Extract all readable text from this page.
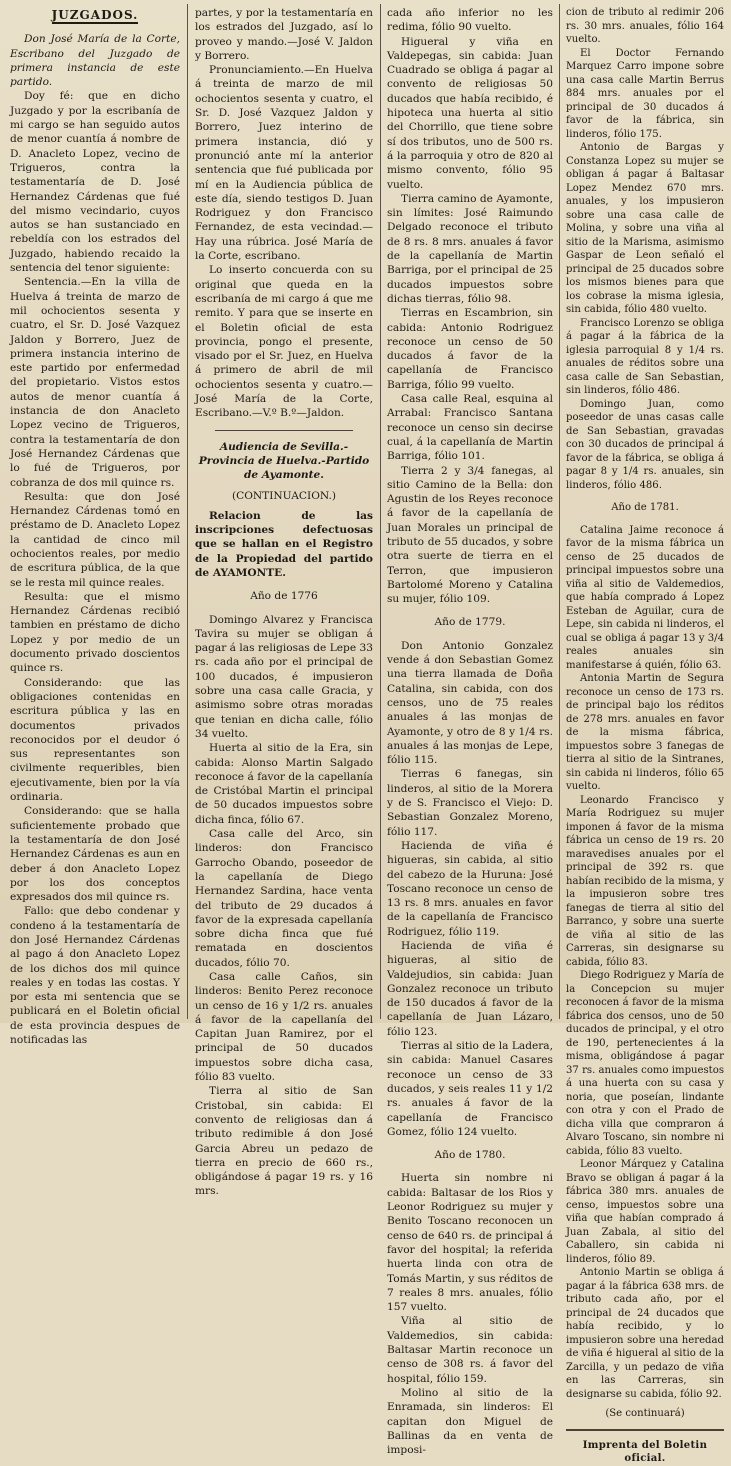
JUZGADOS.

Don José María de la Corte, Escribano del Juzgado de primera instancia de este partido.

Doy fé: que en dicho Juzgado y por la escribanía de mi cargo se han seguido autos de menor cuantía á nombre de D. Anacleto Lopez, vecino de Trigueros, contra la testamentaría de D. José Hernandez Cárdenas que fué del mismo vecindario, cuyos autos se han sustanciado en rebeldía con los estrados del Juzgado, habiendo recaido la sentencia del tenor siguiente:

Sentencia.—En la villa de Huelva á treinta de marzo de mil ochocientos sesenta y cuatro, el Sr. D. José Vazquez Jaldon y Borrero, Juez de primera instancia interino de este partido por enfermedad del propietario. Vistos estos autos de menor cuantía á instancia de don Anacleto Lopez vecino de Trigueros, contra la testamentaría de don José Hernandez Cárdenas que lo fué de Trigueros, por cobranza de dos mil quince rs.

Resulta: que don José Hernandez Cárdenas tomó en préstamo de D. Anacleto Lopez la cantidad de cinco mil ochocientos reales, por medio de escritura pública, de la que se le resta mil quince reales.

Resulta: que el mismo Hernandez Cárdenas recibió tambien en préstamo de dicho Lopez y por medio de un documento privado doscientos quince rs.

Considerando: que las obligaciones contenidas en escritura pública y las en documentos privados reconocidos por el deudor ó sus representantes son civilmente requeribles, bien ejecutivamente, bien por la vía ordinaria.

Considerando: que se halla suficientemente probado que la testamentaría de don José Hernandez Cárdenas es aun en deber á don Anacleto Lopez por los dos conceptos expresados dos mil quince rs.

Fallo: que debo condenar y condeno á la testamentaría de don José Hernandez Cárdenas al pago á don Anacleto Lopez de los dichos dos mil quince reales y en todas las costas. Y por esta mi sentencia que se publicará en el Boletin oficial de esta provincia despues de notificadas las

partes, y por la testamentaría en los estrados del Juzgado, así lo proveo y mando.—José V. Jaldon y Borrero.

Pronunciamiento.—En Huelva á treinta de marzo de mil ochocientos sesenta y cuatro, el Sr. D. José Vazquez Jaldon y Borrero, Juez interino de primera instancia, dió y pronunció ante mí la anterior sentencia que fué publicada por mí en la Audiencia pública de este día, siendo testigos D. Juan Rodriguez y don Francisco Fernandez, de esta vecindad.—Hay una rúbrica. José María de la Corte, escribano.

Lo inserto concuerda con su original que queda en la escribanía de mi cargo á que me remito. Y para que se inserte en el Boletin oficial de esta provincia, pongo el presente, visado por el Sr. Juez, en Huelva á primero de abril de mil ochocientos sesenta y cuatro.—José María de la Corte, Escribano.—V.º B.º—Jaldon.

Audiencia de Sevilla.-Provincia de Huelva.-Partido de Ayamonte.

(CONTINUACION.)

Relacion de las inscripciones defectuosas que se hallan en el Registro de la Propiedad del partido de AYAMONTE.

Año de 1776

Domingo Alvarez y Francisca Tavira su mujer se obligan á pagar á las religiosas de Lepe 33 rs. cada año por el principal de 100 ducados, é impusieron sobre una casa calle Gracia, y asimismo sobre otras moradas que tenian en dicha calle, fólio 34 vuelto.

Huerta al sitio de la Era, sin cabida: Alonso Martin Salgado reconoce á favor de la capellanía de Cristóbal Martin el principal de 50 ducados impuestos sobre dicha finca, fólio 67.

Casa calle del Arco, sin linderos: don Francisco Garrocho Obando, poseedor de la capellanía de Diego Hernandez Sardina, hace venta del tributo de 29 ducados á favor de la expresada capellanía sobre dicha finca que fué rematada en doscientos ducados, fólio 70.

Casa calle Caños, sin linderos: Benito Perez reconoce un censo de 16 y 1/2 rs. anuales á favor de la capellanía del Capitan Juan Ramirez, por el principal de 50 ducados impuestos sobre dicha casa, fólio 83 vuelto.

Tierra al sitio de San Cristobal, sin cabida: El convento de religiosas dan á tributo redimible á don José Garcia Abreu un pedazo de tierra en precio de 660 rs., obligándose á pagar 19 rs. y 16 mrs.

cada año inferior no les redima, fólio 90 vuelto.

Higueral y viña en Valdepegas, sin cabida: Juan Cuadrado se obliga á pagar al convento de religiosas 50 ducados que había recibido, é hipoteca una huerta al sitio del Chorrillo, que tiene sobre sí dos tributos, uno de 500 rs. á la parroquia y otro de 820 al mismo convento, fólio 95 vuelto.

Tierra camino de Ayamonte, sin límites: José Raimundo Delgado reconoce el tributo de 8 rs. 8 mrs. anuales á favor de la capellanía de Martin Barriga, por el principal de 25 ducados impuestos sobre dichas tierras, fólio 98.

Tierras en Escambrion, sin cabida: Antonio Rodriguez reconoce un censo de 50 ducados á favor de la capellanía de Francisco Barriga, fólio 99 vuelto.

Casa calle Real, esquina al Arrabal: Francisco Santana reconoce un censo sin decirse cual, á la capellanía de Martin Barriga, fólio 101.

Tierra 2 y 3/4 fanegas, al sitio Camino de la Bella: don Agustin de los Reyes reconoce á favor de la capellanía de Juan Morales un principal de tributo de 55 ducados, y sobre otra suerte de tierra en el Terron, que impusieron Bartolomé Moreno y Catalina su mujer, fólio 109.

Año de 1779.

Don Antonio Gonzalez vende á don Sebastian Gomez una tierra llamada de Doña Catalina, sin cabida, con dos censos, uno de 75 reales anuales á las monjas de Ayamonte, y otro de 8 y 1/4 rs. anuales á las monjas de Lepe, fólio 115.

Tierras 6 fanegas, sin linderos, al sitio de la Morera y de S. Francisco el Viejo: D. Sebastian Gonzalez Moreno, fólio 117.

Hacienda de viña é higueras, sin cabida, al sitio del cabezo de la Huruna: José Toscano reconoce un censo de 13 rs. 8 mrs. anuales en favor de la capellanía de Francisco Rodriguez, fólio 119.

Hacienda de viña é higueras, al sitio de Valdejudios, sin cabida: Juan Gonzalez reconoce un tributo de 150 ducados á favor de la capellanía de Juan Lázaro, fólio 123.

Tierras al sitio de la Ladera, sin cabida: Manuel Casares reconoce un censo de 33 ducados, y seis reales 11 y 1/2 rs. anuales á favor de la capellanía de Francisco Gomez, fólio 124 vuelto.

Año de 1780.

Huerta sin nombre ni cabida: Baltasar de los Rios y Leonor Rodriguez su mujer y Benito Toscano reconocen un censo de 640 rs. de principal á favor del hospital; la referida huerta linda con otra de Tomás Martin, y sus réditos de 7 reales 8 mrs. anuales, fólio 157 vuelto.

Viña al sitio de Valdemedios, sin cabida: Baltasar Martin reconoce un censo de 308 rs. á favor del hospital, fólio 159.

Molino al sitio de la Enramada, sin linderos: El capitan don Miguel de Ballinas da en venta de imposi-

cion de tributo al redimir 206 rs. 30 mrs. anuales, fólio 164 vuelto.

El Doctor Fernando Marquez Carro impone sobre una casa calle Martin Berrus 884 mrs. anuales por el principal de 30 ducados á favor de la fábrica, sin linderos, fólio 175.

Antonio de Bargas y Constanza Lopez su mujer se obligan á pagar á Baltasar Lopez Mendez 670 mrs. anuales, y los impusieron sobre una casa calle de Molina, y sobre una viña al sitio de la Marisma, asimismo Gaspar de Leon señaló el principal de 25 ducados sobre los mismos bienes para que los cobrase la misma iglesia, sin cabida, fólio 480 vuelto.

Francisco Lorenzo se obliga á pagar á la fábrica de la iglesia parroquial 8 y 1/4 rs. anuales de réditos sobre una casa calle de San Sebastian, sin linderos, fólio 486.

Domingo Juan, como poseedor de unas casas calle de San Sebastian, gravadas con 30 ducados de principal á favor de la fábrica, se obliga á pagar 8 y 1/4 rs. anuales, sin linderos, fólio 486.

Año de 1781.

Catalina Jaime reconoce á favor de la misma fábrica un censo de 25 ducados de principal impuestos sobre una viña al sitio de Valdemedios, que había comprado á Lopez Esteban de Aguilar, cura de Lepe, sin cabida ni linderos, el cual se obliga á pagar 13 y 3/4 reales anuales sin manifestarse á quién, fólio 63.

Antonia Martin de Segura reconoce un censo de 173 rs. de principal bajo los réditos de 278 mrs. anuales en favor de la misma fábrica, impuestos sobre 3 fanegas de tierra al sitio de la Sintranes, sin cabida ni linderos, fólio 65 vuelto.

Leonardo Francisco y María Rodriguez su mujer imponen á favor de la misma fábrica un censo de 19 rs. 20 maravedises anuales por el principal de 392 rs. que habían recibido de la misma, y la impusieron sobre tres fanegas de tierra al sitio del Barranco, y sobre una suerte de viña al sitio de las Carreras, sin designarse su cabida, fólio 83.

Diego Rodriguez y María de la Concepcion su mujer reconocen á favor de la misma fábrica dos censos, uno de 50 ducados de principal, y el otro de 190, pertenecientes á la misma, obligándose á pagar 37 rs. anuales como impuestos á una huerta con su casa y noria, que poseían, lindante con otra y con el Prado de dicha villa que compraron á Alvaro Toscano, sin nombre ni cabida, fólio 83 vuelto.

Leonor Márquez y Catalina Bravo se obligan á pagar á la fábrica 380 mrs. anuales de censo, impuestos sobre una viña que habían comprado á Juan Zabala, al sitio del Caballero, sin cabida ni linderos, fólio 89.

Antonio Martin se obliga á pagar á la fábrica 638 mrs. de tributo cada año, por el principal de 24 ducados que había recibido, y lo impusieron sobre una heredad de viña é higueral al sitio de la Zarcilla, y un pedazo de viña en las Carreras, sin designarse su cabida, fólio 92.

(Se continuará)

Imprenta del Boletin oficial.
